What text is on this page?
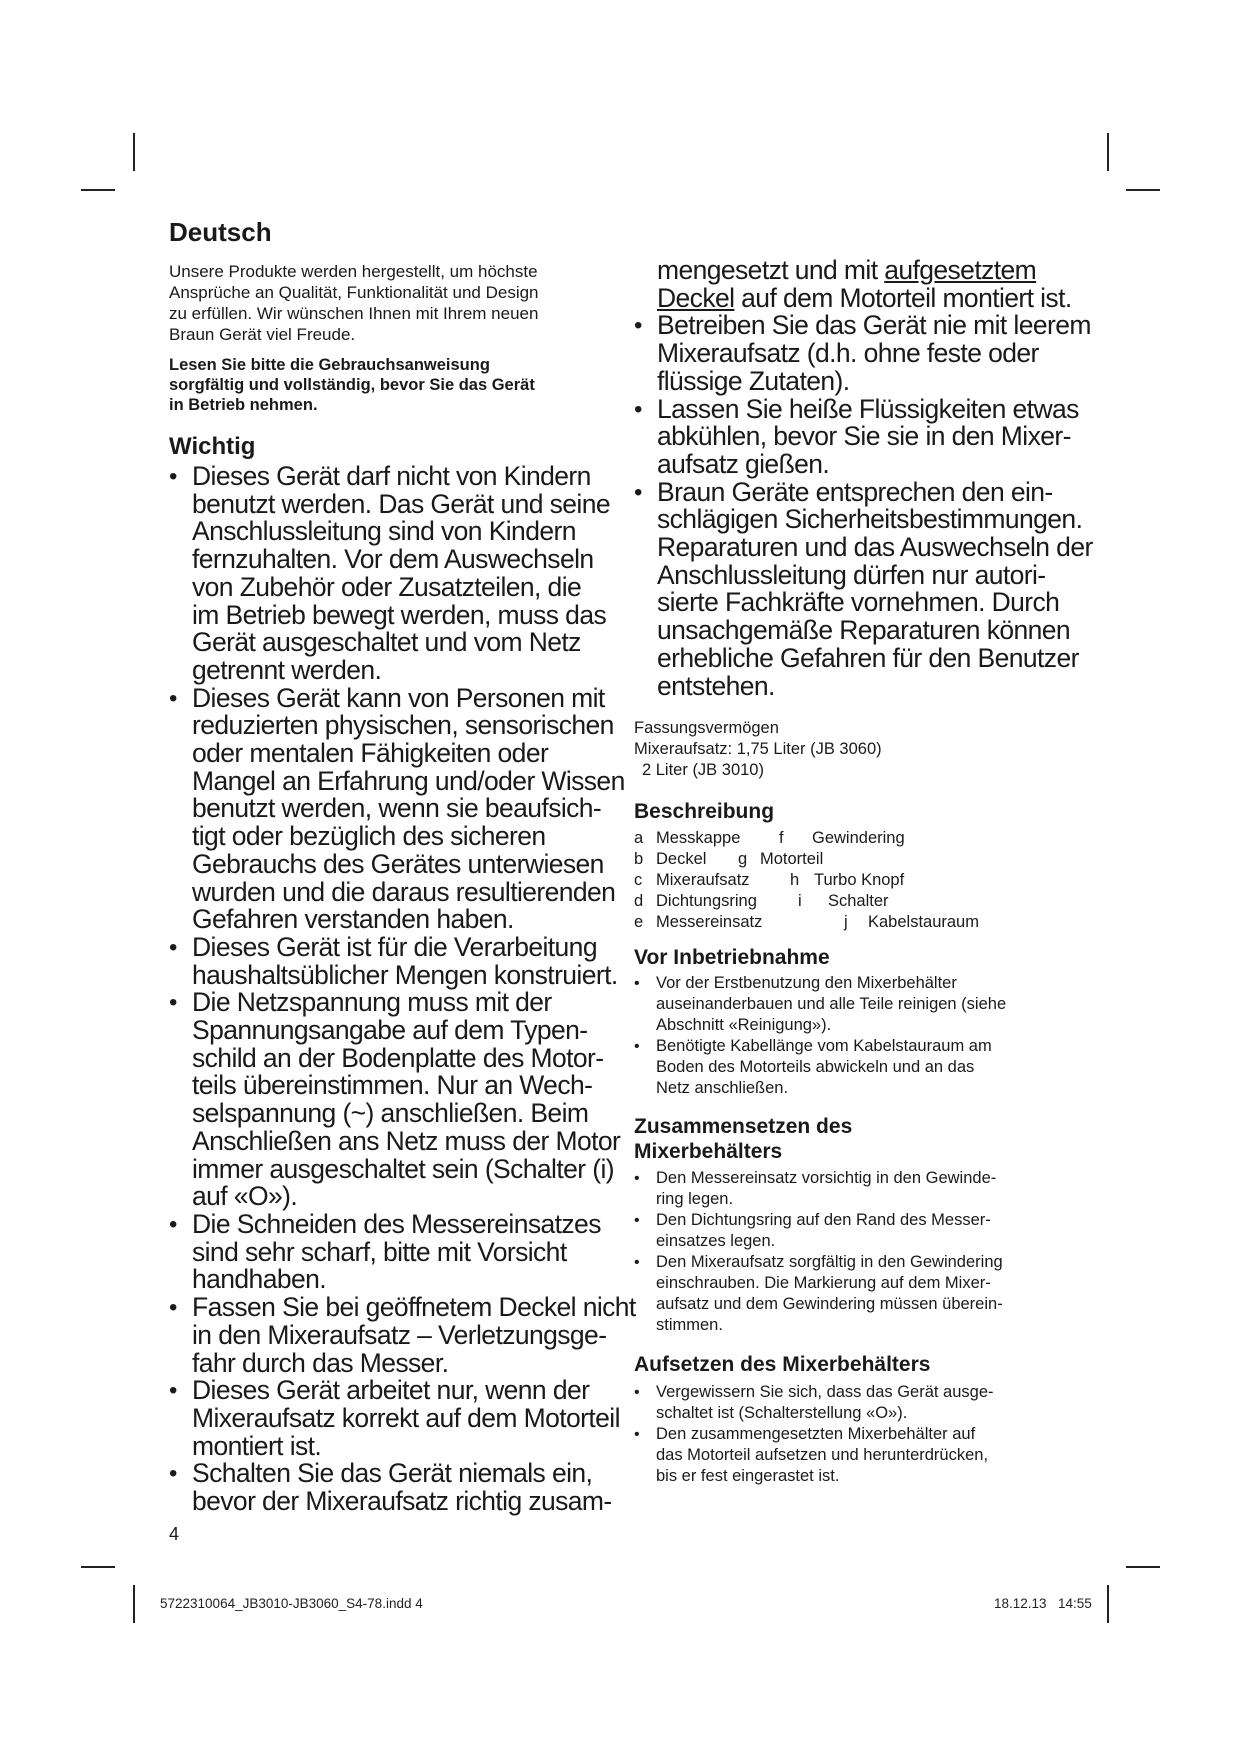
Deutsch
Unsere Produkte werden hergestellt, um höchste
Ansprüche an Qualität, Funktionalität und Design
zu erfüllen. Wir wünschen Ihnen mit Ihrem neuen
Braun Gerät viel Freude.
Lesen Sie bitte die Gebrauchsanweisung
sorgfältig und vollständig, bevor Sie das Gerät
in Betrieb nehmen.
Wichtig
• Dieses Gerät darf nicht von Kindern
benutzt werden. Das Gerät und seine
Anschlussleitung sind von Kindern
fernzuhalten. Vor dem Auswechseln
von Zubehör oder Zusatzteilen, die
im Betrieb bewegt werden, muss das
Gerät ausgeschaltet und vom Netz
getrennt werden.
• Dieses Gerät kann von Personen mit
reduzierten physischen, sensorischen
oder mentalen Fähigkeiten oder
Mangel an Erfahrung und/oder Wissen
benutzt werden, wenn sie beaufsich-
tigt oder bezüglich des sicheren
Gebrauchs des Gerätes unterwiesen
wurden und die daraus resultierenden
Gefahren verstanden haben.
• Dieses Gerät ist für die Verarbeitung
haushaltsüblicher Mengen konstruiert.
• Die Netzspannung muss mit der
Spannungsangabe auf dem Typen-
schild an der Bodenplatte des Motor-
teils übereinstimmen. Nur an Wech-
selspannung (~) anschließen. Beim
Anschließen ans Netz muss der Motor
immer ausgeschaltet sein (Schalter (i)
auf «O»).
• Die Schneiden des Messereinsatzes
sind sehr scharf, bitte mit Vorsicht
handhaben.
• Fassen Sie bei geöffnetem Deckel nicht
in den Mixeraufsatz – Verletzungsge-
fahr durch das Messer.
• Dieses Gerät arbeitet nur, wenn der
Mixeraufsatz korrekt auf dem Motorteil
montiert ist.
• Schalten Sie das Gerät niemals ein,
bevor der Mixeraufsatz richtig zusam-
4
mengesetzt und mit aufgesetztem
Deckel auf dem Motorteil montiert ist.
• Betreiben Sie das Gerät nie mit leerem
Mixeraufsatz (d.h. ohne feste oder
flüssige Zutaten).
• Lassen Sie heiße Flüssigkeiten etwas
abkühlen, bevor Sie sie in den Mixer-
aufsatz gießen.
• Braun Geräte entsprechen den ein-
schlägigen Sicherheitsbestimmungen.
Reparaturen und das Auswechseln der
Anschlussleitung dürfen nur autori-
sierte Fachkräfte vornehmen. Durch
unsachgemäße Reparaturen können
erhebliche Gefahren für den Benutzer
entstehen.
Fassungsvermögen
Mixeraufsatz: 1,75 Liter (JB 3060)
2 Liter (JB 3010)
Beschreibung
a Messkappe	f	Gewindering
b Deckel	g Motorteil
c Mixeraufsatz	h Turbo Knopf
d Dichtungsring	i	Schalter
e Messereinsatz	j	Kabelstauraum
Vor Inbetriebnahme
• Vor der Erstbenutzung den Mixerbehälter
auseinanderbauen und alle Teile reinigen (siehe
Abschnitt «Reinigung»).
• Benötigte Kabellänge vom Kabelstauraum am
Boden des Motorteils abwickeln und an das
Netz anschließen.
Zusammensetzen des
Mixerbehälters
• Den Messereinsatz vorsichtig in den Gewinde-
ring legen.
• Den Dichtungsring auf den Rand des Messer-
einsatzes legen.
• Den Mixeraufsatz sorgfältig in den Gewindering
einschrauben. Die Markierung auf dem Mixer-
aufsatz und dem Gewindering müssen überein-
stimmen.
Aufsetzen des Mixerbehälters
• Vergewissern Sie sich, dass das Gerät ausge-
schaltet ist (Schalterstellung «O»).
• Den zusammengesetzten Mixerbehälter auf
das Motorteil aufsetzen und herunterdrücken,
bis er fest eingerastet ist.
5722310064_JB3010-JB3060_S4-78.indd 4	18.12.13 14:55
